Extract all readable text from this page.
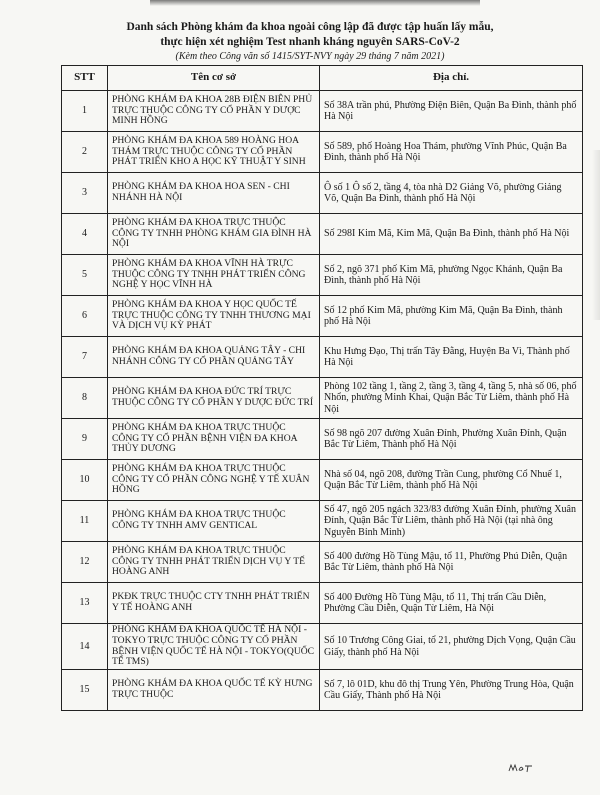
Danh sách Phòng khám đa khoa ngoài công lập đã được tập huấn lấy mẫu,
thực hiện xét nghiệm Test nhanh kháng nguyên SARS-CoV-2
(Kèm theo Công văn số 1415/SYT-NVY ngày 29 tháng 7 năm 2021)
STT	Tên cơ sở	Địa chỉ.
1	PHÒNG KHÁM ĐA KHOA 28B ĐIỆN BIÊN PHỦ TRỰC THUỘC CÔNG TY CỔ PHẦN Y DƯỢC MINH HỒNG	Số 38A trần phú, Phường Điện Biên, Quận Ba Đình, thành phố Hà Nội
2	PHÒNG KHÁM ĐA KHOA 589 HOÀNG HOA THÁM TRỰC THUỘC CÔNG TY CỔ PHẦN PHÁT TRIỂN KHO A HỌC KỸ THUẬT Y SINH	Số 589, phố Hoàng Hoa Thám, phường Vĩnh Phúc, Quận Ba Đình, thành phố Hà Nội
3	PHÒNG KHÁM ĐA KHOA HOA SEN - CHI NHÁNH HÀ NỘI	Ô số 1 Ô số 2, tầng 4, tòa nhà D2 Giảng Võ, phường Giảng Võ, Quận Ba Đình, thành phố Hà Nội
4	PHÒNG KHÁM ĐA KHOA TRỰC THUỘC CÔNG TY TNHH PHÒNG KHÁM GIA ĐÌNH HÀ NỘI	Số 298I Kim Mã, Kim Mã, Quận Ba Đình, thành phố Hà Nội
5	PHÒNG KHÁM ĐA KHOA VĨNH HÀ TRỰC THUỘC CÔNG TY TNHH PHÁT TRIỂN CÔNG NGHỆ Y HỌC VĨNH HÀ	Số 2, ngõ 371 phố Kim Mã, phường Ngọc Khánh, Quận Ba Đình, thành phố Hà Nội
6	PHÒNG KHÁM ĐA KHOA Y HỌC QUỐC TẾ TRỰC THUỘC CÔNG TY TNHH THƯƠNG MẠI VÀ DỊCH VỤ KỲ PHÁT	Số 12 phố Kim Mã, phường Kim Mã, Quận Ba Đình, thành phố Hà Nội
7	PHÒNG KHÁM ĐA KHOA QUẢNG TÂY - CHI NHÁNH CÔNG TY CỔ PHẦN QUẢNG TÂY	Khu Hưng Đạo, Thị trấn Tây Đằng, Huyện Ba Vì, Thành phố Hà Nội
8	PHÒNG KHÁM ĐA KHOA ĐỨC TRÍ TRỰC THUỘC CÔNG TY CỔ PHẦN Y DƯỢC ĐỨC TRÍ	Phòng 102 tầng 1, tầng 2, tầng 3, tầng 4, tầng 5, nhà số 06, phố Nhổn, phường Minh Khai, Quận Bắc Từ Liêm, thành phố Hà Nội
9	PHÒNG KHÁM ĐA KHOA TRỰC THUỘC CÔNG TY CỔ PHẦN BỆNH VIỆN ĐA KHOA THỦY DƯƠNG	Số 98 ngõ 207 đường Xuân Đỉnh, Phường Xuân Đỉnh, Quận Bắc Từ Liêm, Thành phố Hà Nội
10	PHÒNG KHÁM ĐA KHOA TRỰC THUỘC CÔNG TY CỔ PHẦN CÔNG NGHỆ Y TẾ XUÂN HỒNG	Nhà số 04, ngõ 208, đường Trần Cung, phường Cổ Nhuế 1, Quận Bắc Từ Liêm, thành phố Hà Nội
11	PHÒNG KHÁM ĐA KHOA TRỰC THUỘC CÔNG TY TNHH AMV GENTICAL	Số 47, ngõ 205 ngách 323/83 đường Xuân Đỉnh, phường Xuân Đỉnh, Quận Bắc Từ Liêm, thành phố Hà Nội (tại nhà ông Nguyễn Bỉnh Minh)
12	PHÒNG KHÁM ĐA KHOA TRỰC THUỘC CÔNG TY TNHH PHÁT TRIỂN DỊCH VỤ Y TẾ HOÀNG ANH	Số 400 đường Hồ Tùng Mậu, tổ 11, Phường Phú Diễn, Quận Bắc Từ Liêm, thành phố Hà Nội
13	PKĐK TRỰC THUỘC CTY TNHH PHÁT TRIỂN Y TẾ HOÀNG ANH	Số 400 Đường Hồ Tùng Mậu, tổ 11, Thị trấn Cầu Diễn, Phường Cầu Diễn, Quận Từ Liêm, Hà Nội
14	PHÒNG KHÁM ĐA KHOA QUỐC TẾ HÀ NỘI - TOKYO TRỰC THUỘC CÔNG TY CỔ PHẦN BỆNH VIỆN QUỐC TẾ HÀ NỘI - TOKYO(QUỐC TẾ TMS)	Số 10 Trương Công Giai, tổ 21, phường Dịch Vọng, Quận Cầu Giấy, thành phố Hà Nội
15	PHÒNG KHÁM ĐA KHOA QUỐC TẾ KỲ HƯNG TRỰC THUỘC	Số 7, lô 01D, khu đô thị Trung Yên, Phường Trung Hòa, Quận Cầu Giấy, Thành phố Hà Nội
